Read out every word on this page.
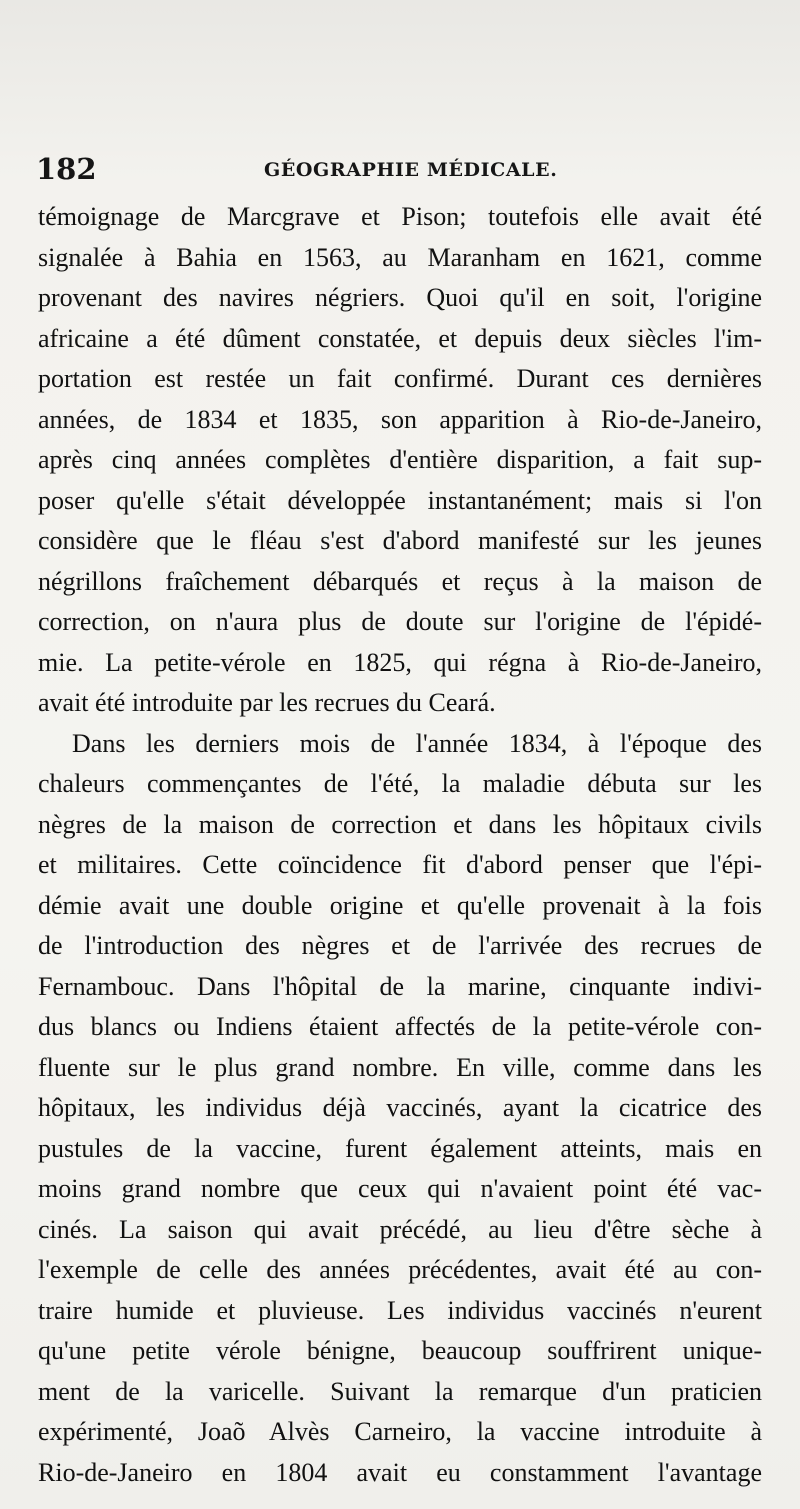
182	GÉOGRAPHIE MÉDICALE.
témoignage de Marcgrave et Pison; toutefois elle avait été
signalée à Bahia en 1563, au Maranham en 1621, comme
provenant des navires négriers. Quoi qu'il en soit, l'origine
africaine a été dûment constatée, et depuis deux siècles l'im-
portation est restée un fait confirmé. Durant ces dernières
années, de 1834 et 1835, son apparition à Rio-de-Janeiro,
après cinq années complètes d'entière disparition, a fait sup-
poser qu'elle s'était développée instantanément; mais si l'on
considère que le fléau s'est d'abord manifesté sur les jeunes
négrillons fraîchement débarqués et reçus à la maison de
correction, on n'aura plus de doute sur l'origine de l'épidé-
mie. La petite-vérole en 1825, qui régna à Rio-de-Janeiro,
avait été introduite par les recrues du Ceará.
Dans les derniers mois de l'année 1834, à l'époque des
chaleurs commençantes de l'été, la maladie débuta sur les
nègres de la maison de correction et dans les hôpitaux civils
et militaires. Cette coïncidence fit d'abord penser que l'épi-
démie avait une double origine et qu'elle provenait à la fois
de l'introduction des nègres et de l'arrivée des recrues de
Fernambouc. Dans l'hôpital de la marine, cinquante indivi-
dus blancs ou Indiens étaient affectés de la petite-vérole con-
fluente sur le plus grand nombre. En ville, comme dans les
hôpitaux, les individus déjà vaccinés, ayant la cicatrice des
pustules de la vaccine, furent également atteints, mais en
moins grand nombre que ceux qui n'avaient point été vac-
cinés. La saison qui avait précédé, au lieu d'être sèche à
l'exemple de celle des années précédentes, avait été au con-
traire humide et pluvieuse. Les individus vaccinés n'eurent
qu'une petite vérole bénigne, beaucoup souffrirent unique-
ment de la varicelle. Suivant la remarque d'un praticien
expérimenté, Joaõ Alvès Carneiro, la vaccine introduite à
Rio-de-Janeiro en 1804 avait eu constamment l'avantage
